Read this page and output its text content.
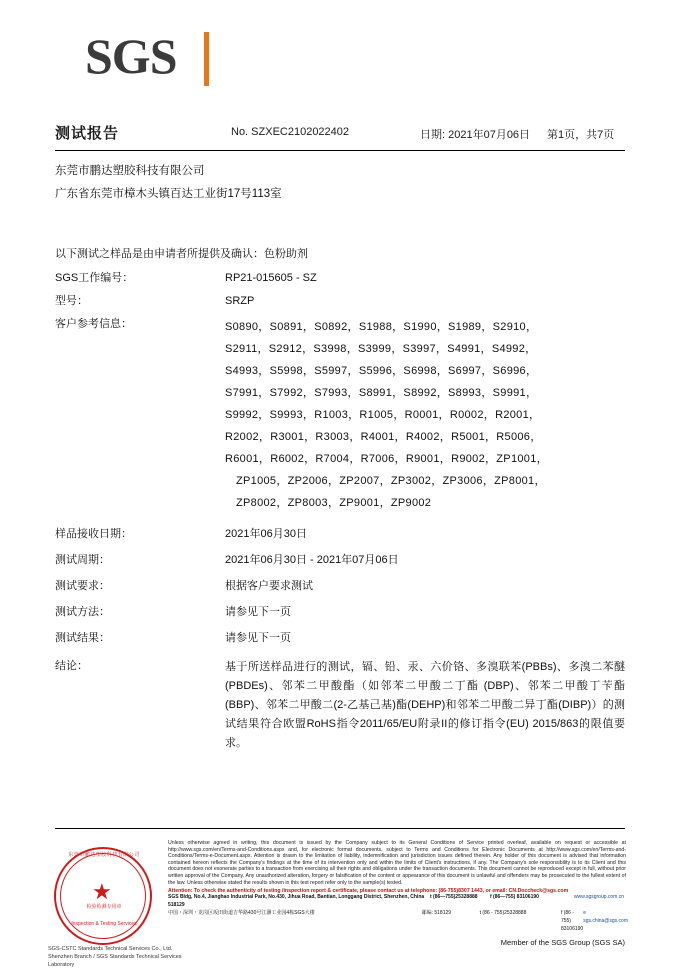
SGS
测试报告	No. SZXEC2102022402	日期: 2021年07月06日 第1页，共7页
东莞市鹏达塑胶科技有限公司
广东省东莞市樟木头镇百达工业街17号113室
以下测试之样品是由申请者所提供及确认：色粉助剂
SGS工作编号：	RP21-015605 - SZ
型号：	SRZP
客户参考信息：	S0890，S0891，S0892，S1988，S1990，S1989，S2910，
S2911，S2912，S3998，S3999，S3997，S4991，S4992，
S4993，S5998，S5997，S5996，S6998，S6997，S6996，
S7991，S7992，S7993，S8991，S8992，S8993，S9991，
S9992，S9993，R1003，R1005，R0001，R0002，R2001，
R2002，R3001，R3003，R4001，R4002，R5001，R5006，
R6001，R6002，R7004，R7006，R9001，R9002，ZP1001，
ZP1005，ZP2006，ZP2007，ZP3002，ZP3006，ZP8001，
ZP8002，ZP8003，ZP9001，ZP9002
样品接收日期：	2021年06月30日
测试周期：	2021年06月30日 - 2021年07月06日
测试要求：	根据客户要求测试
测试方法：	请参见下一页
测试结果：	请参见下一页
结论：	基于所送样品进行的测试，镉、铅、汞、六价铬、多溴联苯(PBBs)、多溴二苯醚(PBDEs)、邻苯二甲酸酯（如邻苯二甲酸二丁酯 (DBP)、邻苯二甲酸丁苄酯(BBP)、邻苯二甲酸二(2-乙基己基)酯(DEHP)和邻苯二甲酸二异丁酯(DIBP)）的测试结果符合欧盟RoHS指令2011/65/EU附录II的修订指令(EU) 2015/863的限值要求。
东莞市鹏达塑胶科技有限公司
★
检验检测专用章
Inspection & Testing Services
SGS-CSTC Standards Technical Services Co., Ltd.
Shenzhen Branch / SGS Standards Technical Services Laboratory
Unless otherwise agreed in writing, this document is issued by the Company subject to its General Conditions of Service printed overleaf, available on request or accessible at http://www.sgs.com/en/Terms-and-Conditions.aspx and, for electronic format documents, subject to Terms and Conditions for Electronic Documents at http://www.sgs.com/en/Terms-and-Conditions/Terms-e-Document.aspx. Attention is drawn to the limitation of liability, indemnification and jurisdiction issues defined therein. Any holder of this document is advised that information contained hereon reflects the Company's findings at the time of its intervention only and within the limits of Client's instructions, if any. The Company's sole responsibility is to its Client and this document does not exonerate parties to a transaction from exercising all their rights and obligations under the transaction documents. This document cannot be reproduced except in full, without prior written approval of the Company. Any unauthorized alteration, forgery or falsification of the content or appearance of this document is unlawful and offenders may be prosecuted to the fullest extent of the law. Unless otherwise stated the results shown in this test report refer only to the sample(s) tested.
Attention: To check the authenticity of testing /inspection report & certificate, please contact us at telephone: (86-755)8307 1443, or email: CN.Doccheck@sgs.com
SGS Bldg, No.4, Jianghao Industrial Park, No.430, Jihua Road, Bantian, Longgang District, Shenzhen, China 518129
t (86—755)25328888	f (86—755) 83106190	www.sgsgroup.com.cn
中国・深圳・龙岗区坂田街道吉华路430号江灏工业园4栋SGS大楼	邮编: 518129	t (86 - 755)25328888	f (86 - 755) 83106190
e sgs.china@sgs.com
Member of the SGS Group (SGS SA)
